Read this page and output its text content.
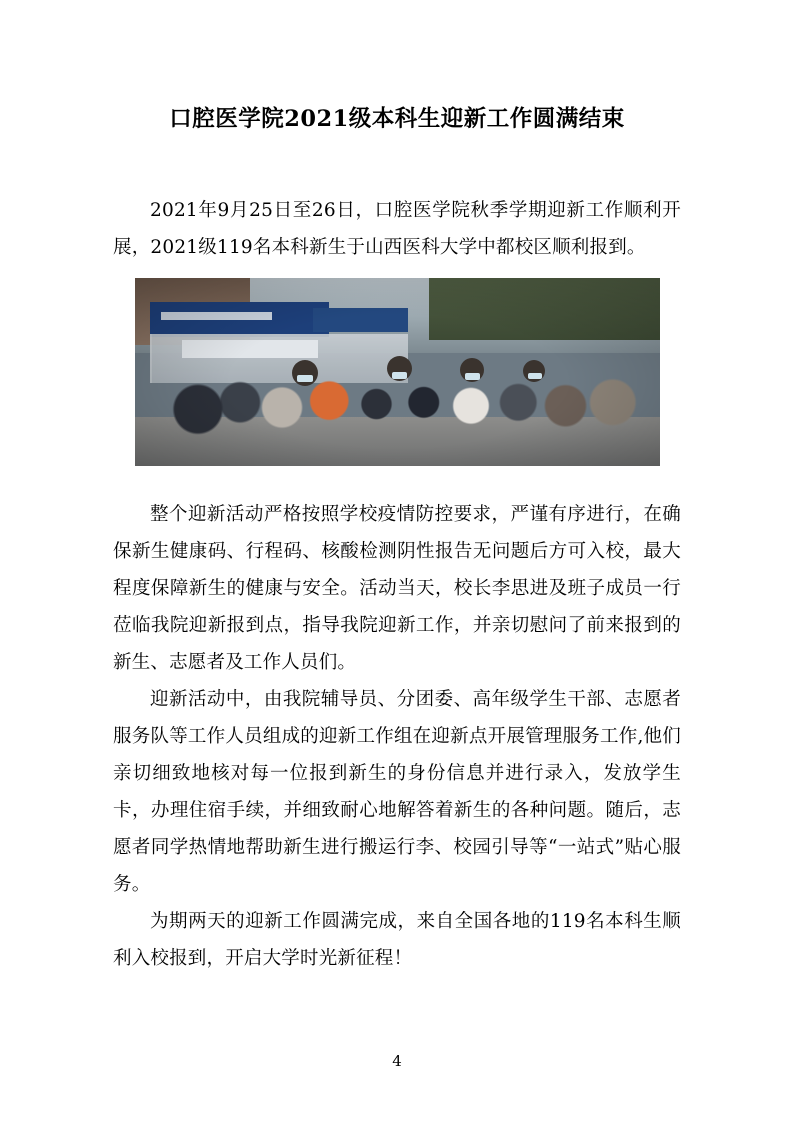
口腔医学院2021级本科生迎新工作圆满结束

2021年9月25日至26日，口腔医学院秋季学期迎新工作顺利开展，2021级119名本科新生于山西医科大学中都校区顺利报到。

整个迎新活动严格按照学校疫情防控要求，严谨有序进行，在确保新生健康码、行程码、核酸检测阴性报告无问题后方可入校，最大程度保障新生的健康与安全。活动当天，校长李思进及班子成员一行莅临我院迎新报到点，指导我院迎新工作，并亲切慰问了前来报到的新生、志愿者及工作人员们。

迎新活动中，由我院辅导员、分团委、高年级学生干部、志愿者服务队等工作人员组成的迎新工作组在迎新点开展管理服务工作,他们亲切细致地核对每一位报到新生的身份信息并进行录入，发放学生卡，办理住宿手续，并细致耐心地解答着新生的各种问题。随后，志愿者同学热情地帮助新生进行搬运行李、校园引导等“一站式”贴心服务。

为期两天的迎新工作圆满完成，来自全国各地的119名本科生顺利入校报到，开启大学时光新征程！

4
